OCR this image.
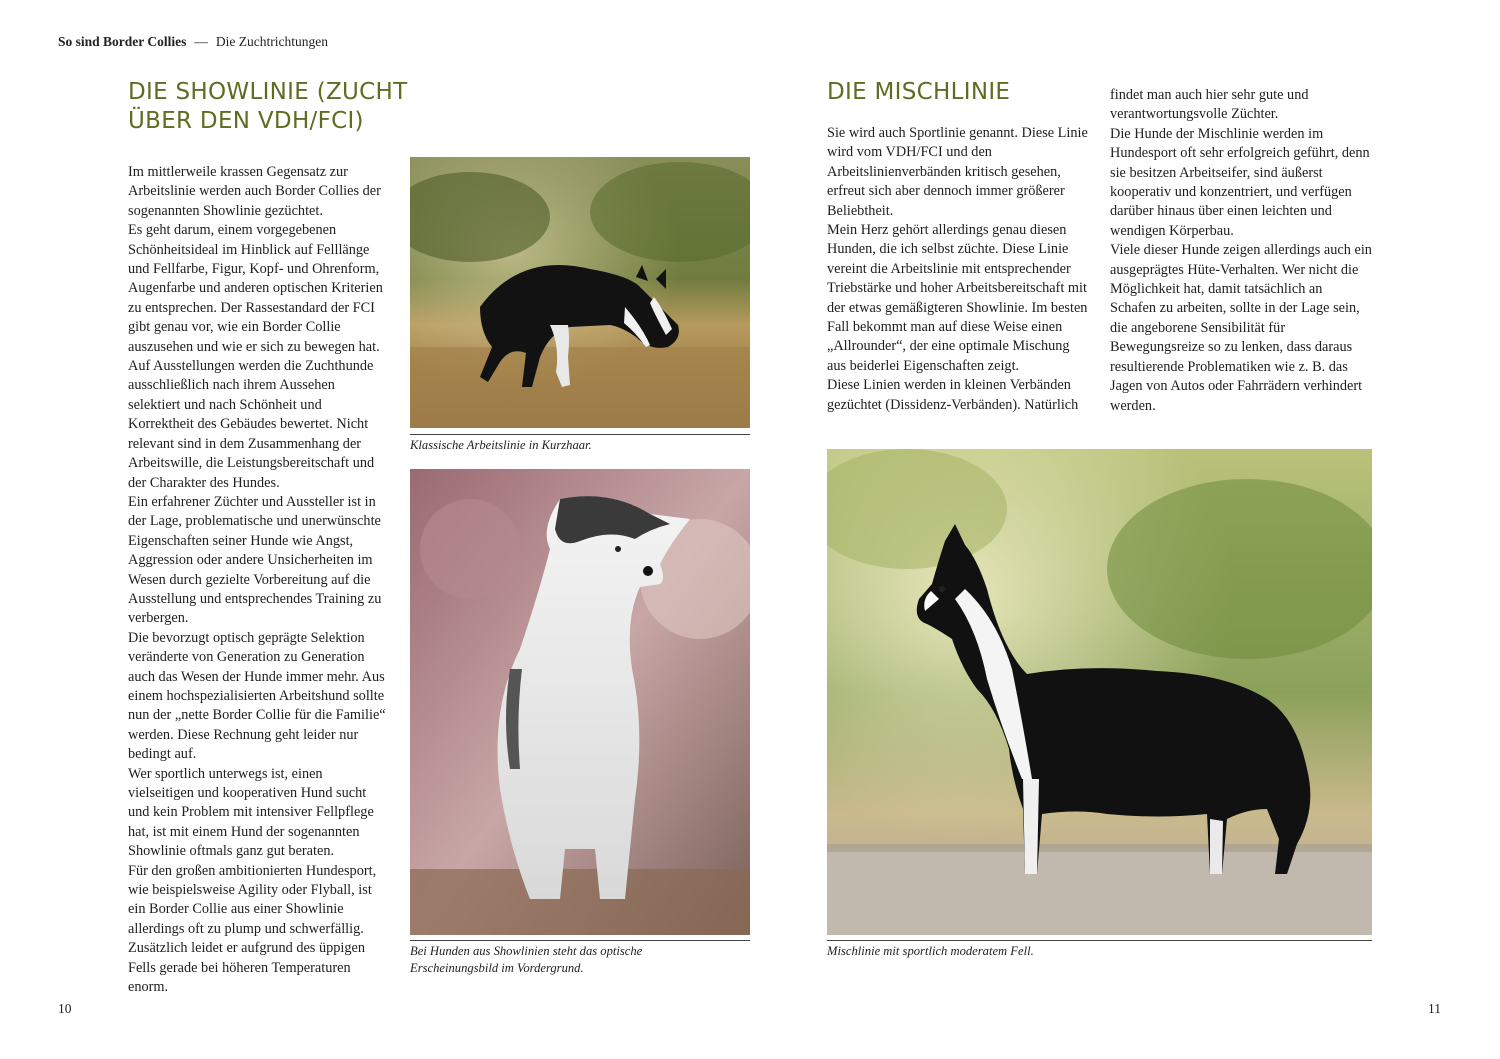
So sind Border Collies — Die Zuchtrichtungen
DIE SHOWLINIE (ZUCHT
ÜBER DEN VDH/FCI)

Im mittlerweile krassen Gegensatz zur Arbeitslinie werden auch Border Collies der sogenannten Showlinie gezüchtet.

Es geht darum, einem vorgegebenen Schönheitsideal im Hinblick auf Felllänge und Fellfarbe, Figur, Kopf- und Ohrenform, Augenfarbe und anderen optischen Kriterien zu entsprechen. Der Rassestandard der FCI gibt genau vor, wie ein Border Collie auszusehen und wie er sich zu bewegen hat.

Auf Ausstellungen werden die Zuchthunde ausschließlich nach ihrem Aussehen selektiert und nach Schönheit und Korrektheit des Gebäudes bewertet. Nicht relevant sind in dem Zusammenhang der Arbeitswille, die Leistungsbereitschaft und der Charakter des Hundes.

Ein erfahrener Züchter und Aussteller ist in der Lage, problematische und unerwünschte Eigenschaften seiner Hunde wie Angst, Aggression oder andere Unsicherheiten im Wesen durch gezielte Vorbereitung auf die Ausstellung und entsprechendes Training zu verbergen.

Die bevorzugt optisch geprägte Selektion veränderte von Generation zu Generation auch das Wesen der Hunde immer mehr. Aus einem hochspezialisierten Arbeitshund sollte nun der „nette Border Collie für die Familie“ werden. Diese Rechnung geht leider nur bedingt auf.

Wer sportlich unterwegs ist, einen vielseitigen und kooperativen Hund sucht und kein Problem mit intensiver Fellpflege hat, ist mit einem Hund der sogenannten Showlinie oftmals ganz gut beraten.

Für den großen ambitionierten Hundesport, wie beispielsweise Agility oder Flyball, ist ein Border Collie aus einer Showlinie allerdings oft zu plump und schwerfällig. Zusätzlich leidet er aufgrund des üppigen Fells gerade bei höheren Temperaturen enorm.

Klassische Arbeitslinie in Kurzhaar.
Bei Hunden aus Showlinien steht das optische Erscheinungsbild im Vordergrund.
10
DIE MISCHLINIE

Sie wird auch Sportlinie genannt. Diese Linie wird vom VDH/FCI und den Arbeitslinienverbänden kritisch gesehen, erfreut sich aber dennoch immer größerer Beliebtheit.

Mein Herz gehört allerdings genau diesen Hunden, die ich selbst züchte. Diese Linie vereint die Arbeitslinie mit entsprechender Triebstärke und hoher Arbeitsbereitschaft mit der etwas gemäßigteren Showlinie. Im besten Fall bekommt man auf diese Weise einen „Allrounder“, der eine optimale Mischung aus beiderlei Eigenschaften zeigt.

Diese Linien werden in kleinen Verbänden gezüchtet (Dissidenz-Verbänden). Natürlich

findet man auch hier sehr gute und verantwortungsvolle Züchter.

Die Hunde der Mischlinie werden im Hundesport oft sehr erfolgreich geführt, denn sie besitzen Arbeitseifer, sind äußerst kooperativ und konzentriert, und verfügen darüber hinaus über einen leichten und wendigen Körperbau.

Viele dieser Hunde zeigen allerdings auch ein ausgeprägtes Hüte-Verhalten. Wer nicht die Möglichkeit hat, damit tatsächlich an Schafen zu arbeiten, sollte in der Lage sein, die angeborene Sensibilität für Bewegungsreize so zu lenken, dass daraus resultierende Problematiken wie z. B. das Jagen von Autos oder Fahrrädern verhindert werden.

Mischlinie mit sportlich moderatem Fell.
11
